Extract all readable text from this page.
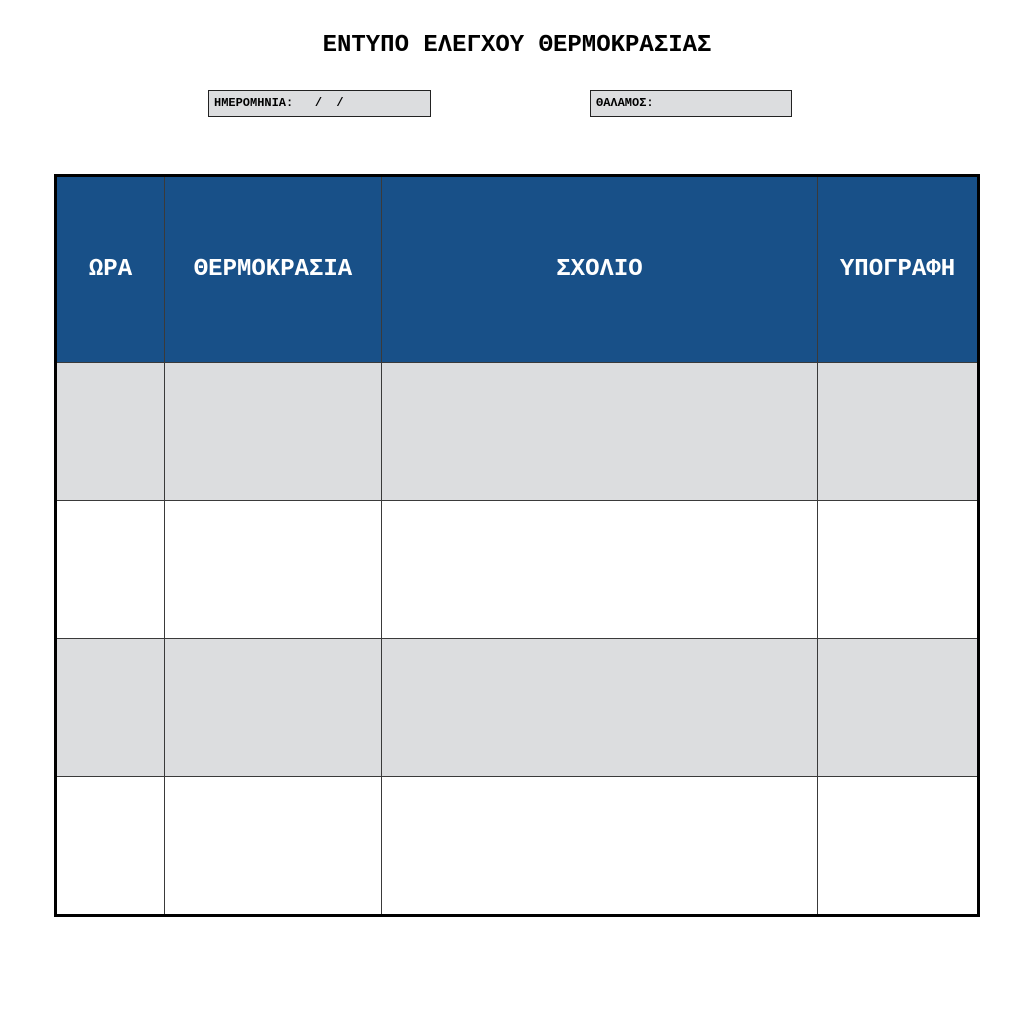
ΕΝΤΥΠΟ ΕΛΕΓΧΟΥ ΘΕΡΜΟΚΡΑΣΙΑΣ
ΗΜΕΡΟΜΗΝΙΑ:   /  /	ΘΑΛΑΜΟΣ:
ΩΡΑ	ΘΕΡΜΟΚΡΑΣΙΑ	ΣΧΟΛΙΟ	ΥΠΟΓΡΑΦΗ
